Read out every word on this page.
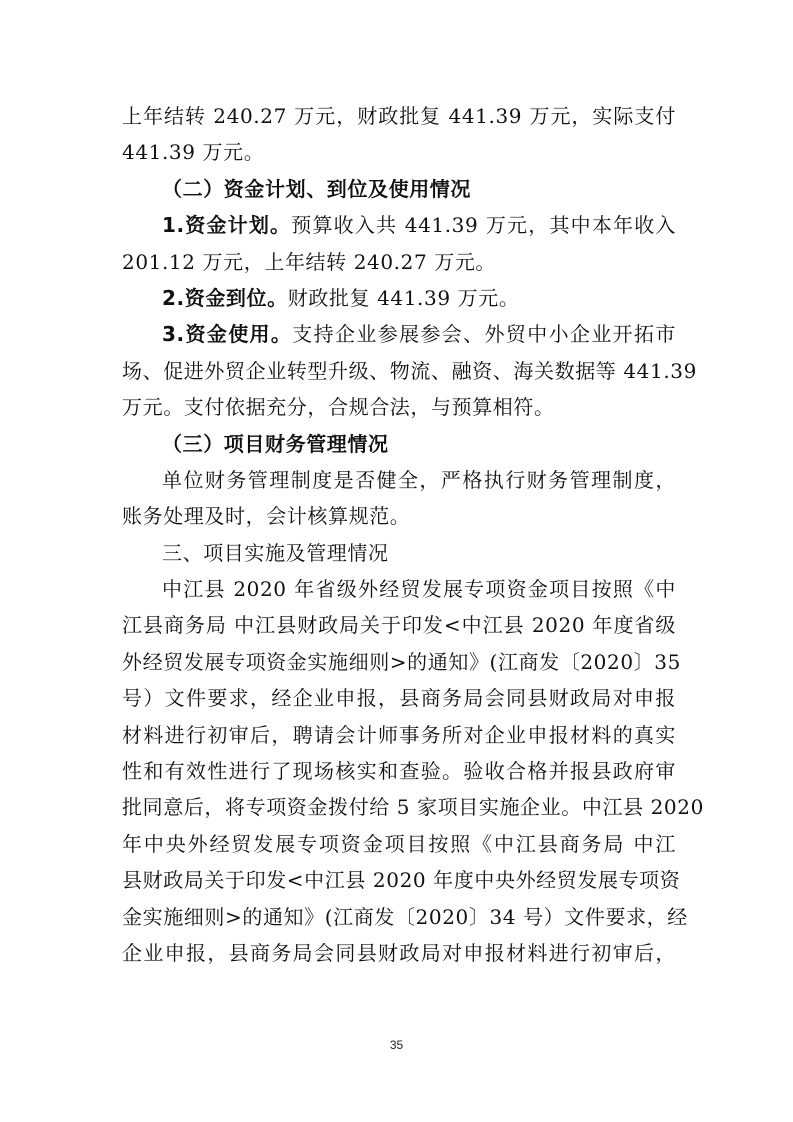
上年结转 240.27 万元，财政批复 441.39 万元，实际支付
441.39 万元。
（二）资金计划、到位及使用情况
1.资金计划。预算收入共 441.39 万元，其中本年收入
201.12 万元，上年结转 240.27 万元。
2.资金到位。财政批复 441.39 万元。
3.资金使用。支持企业参展参会、外贸中小企业开拓市
场、促进外贸企业转型升级、物流、融资、海关数据等 441.39
万元。支付依据充分，合规合法，与预算相符。
（三）项目财务管理情况
单位财务管理制度是否健全，严格执行财务管理制度，
账务处理及时，会计核算规范。
三、项目实施及管理情况
中江县 2020 年省级外经贸发展专项资金项目按照《中
江县商务局 中江县财政局关于印发<中江县 2020 年度省级
外经贸发展专项资金实施细则>的通知》(江商发〔2020〕35
号）文件要求，经企业申报，县商务局会同县财政局对申报
材料进行初审后，聘请会计师事务所对企业申报材料的真实
性和有效性进行了现场核实和查验。验收合格并报县政府审
批同意后，将专项资金拨付给 5 家项目实施企业。中江县 2020
年中央外经贸发展专项资金项目按照《中江县商务局 中江
县财政局关于印发<中江县 2020 年度中央外经贸发展专项资
金实施细则>的通知》(江商发〔2020〕34 号）文件要求，经
企业申报，县商务局会同县财政局对申报材料进行初审后，
35
